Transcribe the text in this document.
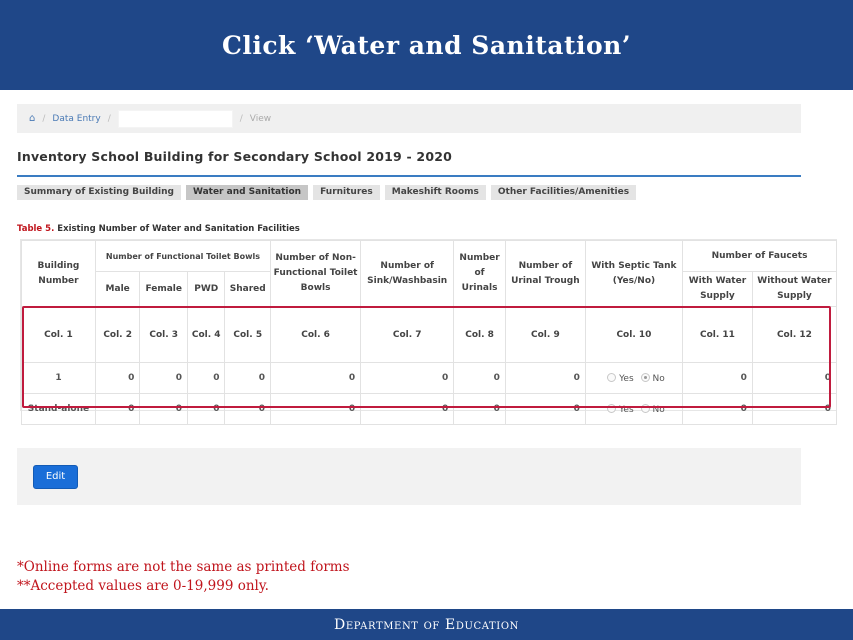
Click ‘Water and Sanitation’
⌂ / Data Entry /	/ View
Inventory School Building for Secondary School 2019 - 2020
Summary of Existing Building	Water and Sanitation	Furnitures	Makeshift Rooms	Other Facilities/Amenities
Table 5. Existing Number of Water and Sanitation Facilities
Building Number	Number of Functional Toilet Bowls				Number of Non-Functional Toilet Bowls	Number of Sink/Washbasin	Number of Urinals	Number of Urinal Trough	With Septic Tank (Yes/No)	Number of Faucets	
	Male	Female	PWD	Shared						With Water Supply	Without Water Supply
Col. 1	Col. 2	Col. 3	Col. 4	Col. 5	Col. 6	Col. 7	Col. 8	Col. 9	Col. 10	Col. 11	Col. 12
1	0	0	0	0	0	0	0	0	Yes No	0	0
Stand-alone	0	0	0	0	0	0	0	0	Yes No	0	0
Edit
*Online forms are not the same as printed forms
**Accepted values are 0-19,999 only.
Department of Education
